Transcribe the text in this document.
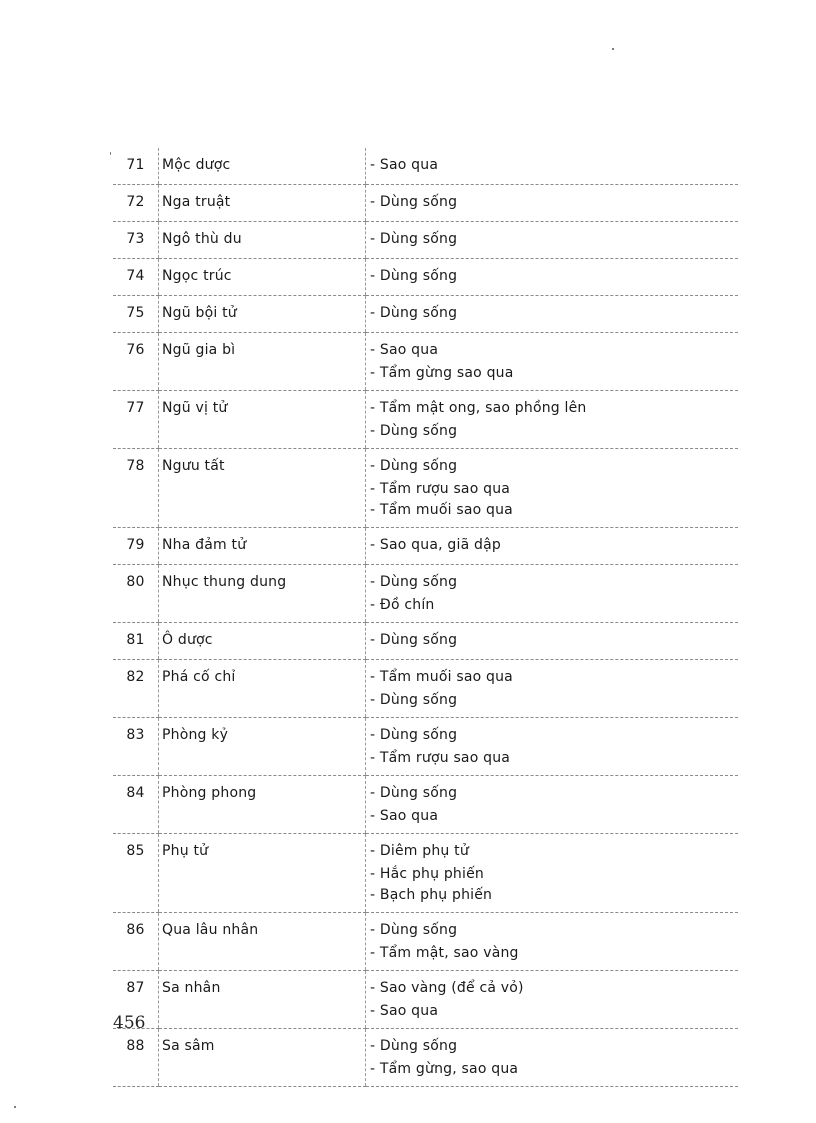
71	Mộc dược	- Sao qua

72	Nga truật	- Dùng sống

73	Ngô thù du	- Dùng sống

74	Ngọc trúc	- Dùng sống

75	Ngũ bội tử	- Dùng sống

76	Ngũ gia bì	- Sao qua
- Tẩm gừng sao qua

77	Ngũ vị tử	- Tẩm mật ong, sao phồng lên
- Dùng sống

78	Ngưu tất	- Dùng sống
- Tẩm rượu sao qua
- Tẩm muối sao qua

79	Nha đảm tử	- Sao qua, giã dập

80	Nhục thung dung	- Dùng sống
- Đồ chín

81	Ô dược	- Dùng sống

82	Phá cố chỉ	- Tẩm muối sao qua
- Dùng sống

83	Phòng kỷ	- Dùng sống
- Tẩm rượu sao qua

84	Phòng phong	- Dùng sống
- Sao qua

85	Phụ tử	- Diêm phụ tử
- Hắc phụ phiến
- Bạch phụ phiến

86	Qua lâu nhân	- Dùng sống
- Tẩm mật, sao vàng

87	Sa nhân	- Sao vàng (để cả vỏ)
- Sao qua

88	Sa sâm	- Dùng sống
- Tẩm gừng, sao qua
456
